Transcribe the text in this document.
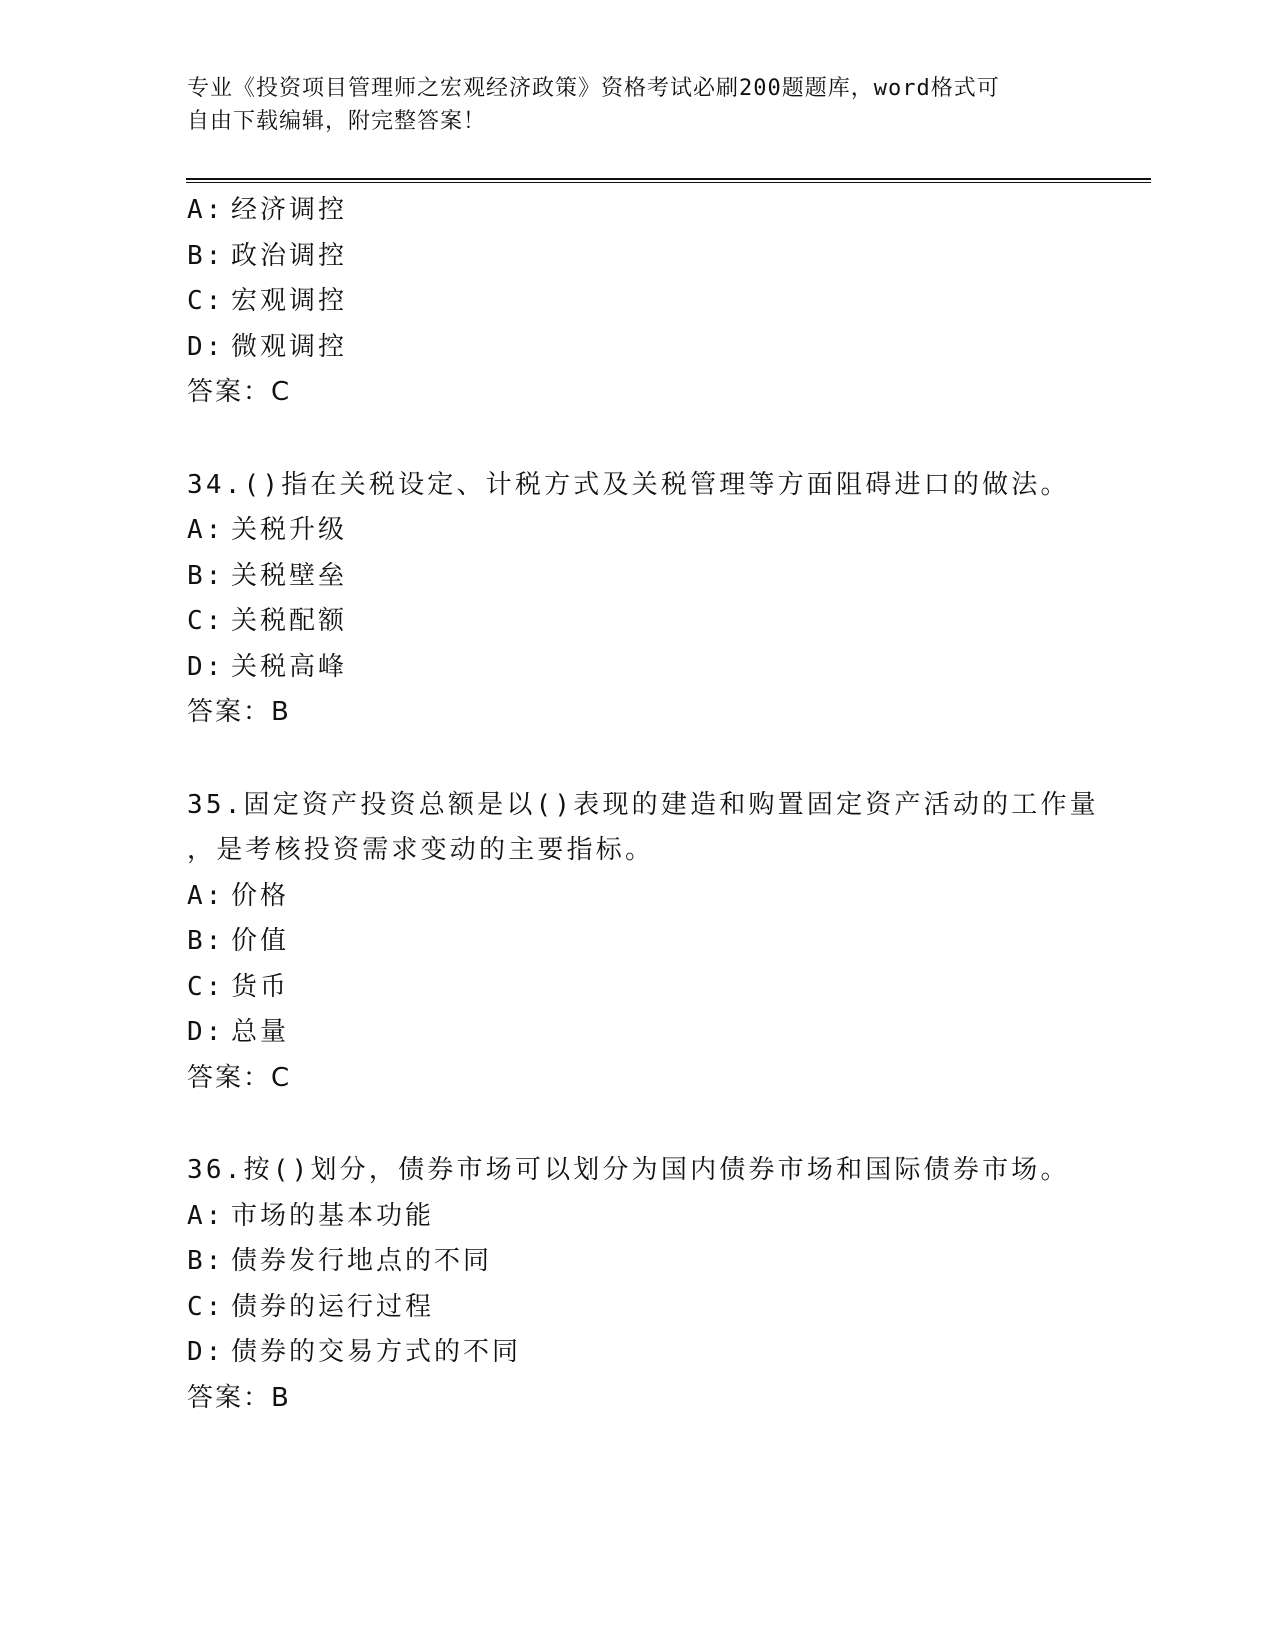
专业《投资项目管理师之宏观经济政策》资格考试必刷200题题库，word格式可
自由下载编辑，附完整答案！
A: 经济调控
B: 政治调控
C: 宏观调控
D: 微观调控
答案：C
34.()指在关税设定、计税方式及关税管理等方面阻碍进口的做法。
A: 关税升级
B: 关税壁垒
C: 关税配额
D: 关税高峰
答案：B
35.固定资产投资总额是以()表现的建造和购置固定资产活动的工作量
，是考核投资需求变动的主要指标。
A: 价格
B: 价值
C: 货币
D: 总量
答案：C
36.按()划分，债券市场可以划分为国内债券市场和国际债券市场。
A: 市场的基本功能
B: 债券发行地点的不同
C: 债券的运行过程
D: 债券的交易方式的不同
答案：B
